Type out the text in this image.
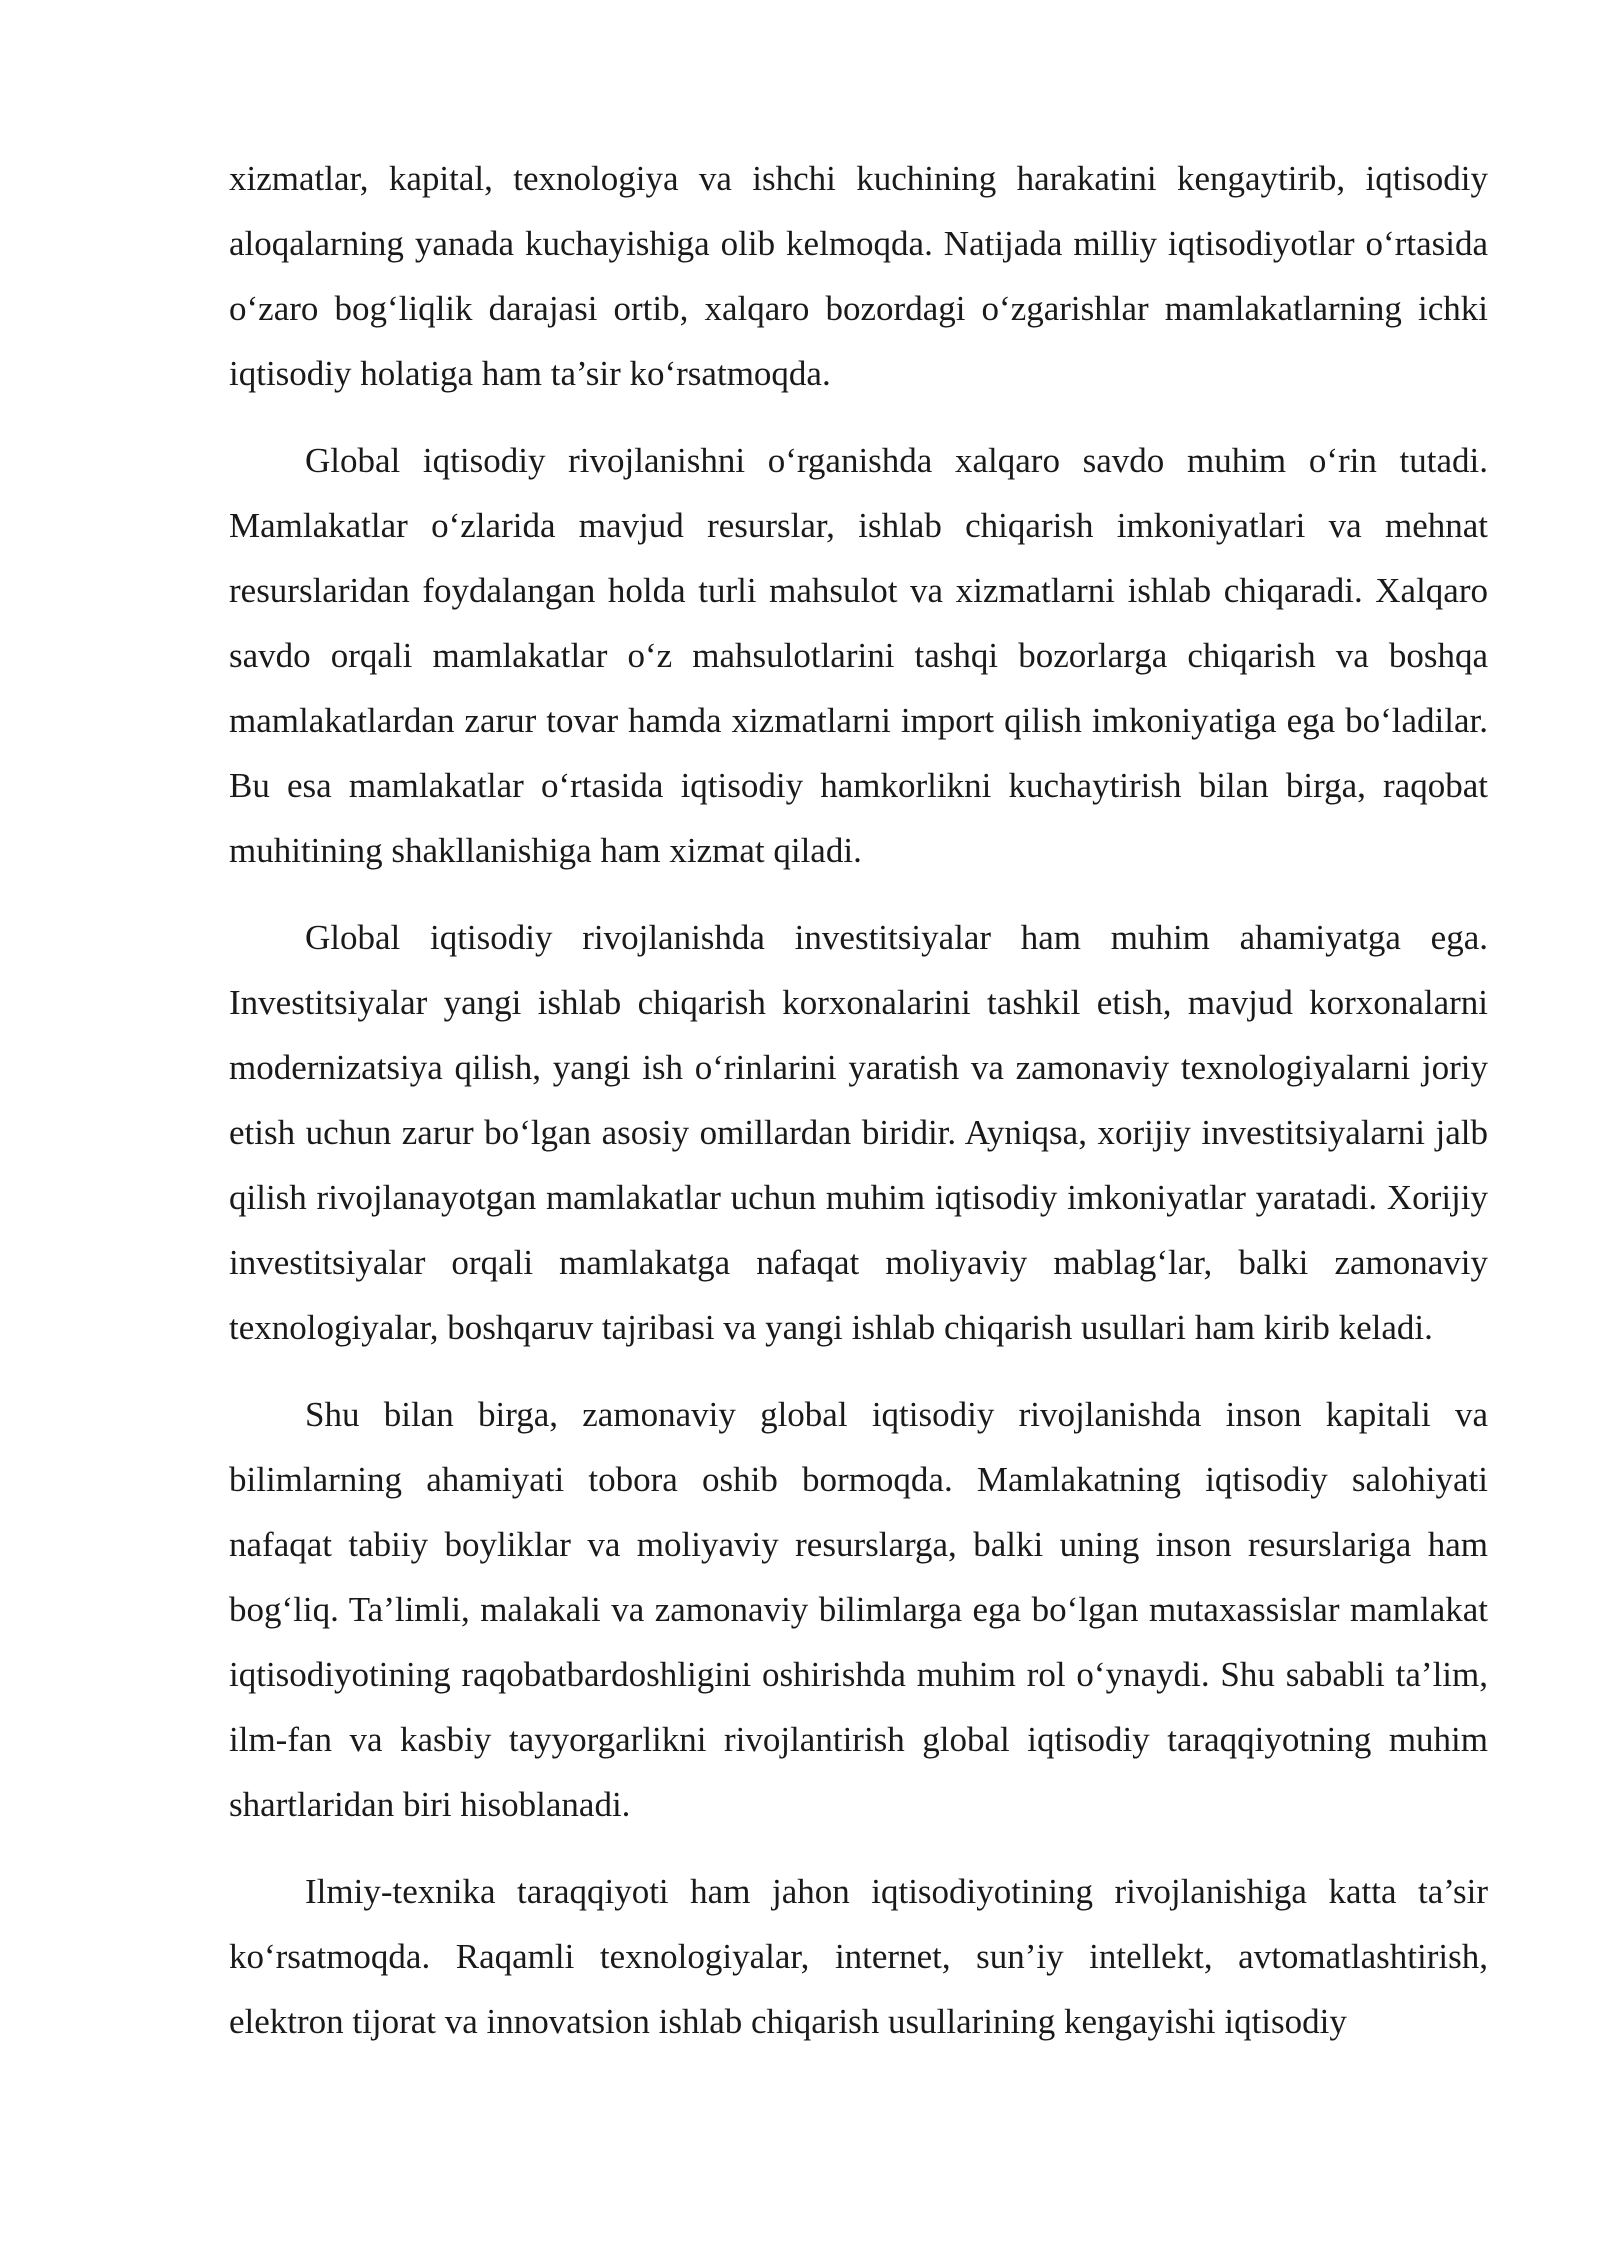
xizmatlar, kapital, texnologiya va ishchi kuchining harakatini kengaytirib, iqtisodiy aloqalarning yanada kuchayishiga olib kelmoqda. Natijada milliy iqtisodiyotlar o‘rtasida o‘zaro bog‘liqlik darajasi ortib, xalqaro bozordagi o‘zgarishlar mamlakatlarning ichki iqtisodiy holatiga ham ta’sir ko‘rsatmoqda.

Global iqtisodiy rivojlanishni o‘rganishda xalqaro savdo muhim o‘rin tutadi. Mamlakatlar o‘zlarida mavjud resurslar, ishlab chiqarish imkoniyatlari va mehnat resurslaridan foydalangan holda turli mahsulot va xizmatlarni ishlab chiqaradi. Xalqaro savdo orqali mamlakatlar o‘z mahsulotlarini tashqi bozorlarga chiqarish va boshqa mamlakatlardan zarur tovar hamda xizmatlarni import qilish imkoniyatiga ega bo‘ladilar. Bu esa mamlakatlar o‘rtasida iqtisodiy hamkorlikni kuchaytirish bilan birga, raqobat muhitining shakllanishiga ham xizmat qiladi.

Global iqtisodiy rivojlanishda investitsiyalar ham muhim ahamiyatga ega. Investitsiyalar yangi ishlab chiqarish korxonalarini tashkil etish, mavjud korxonalarni modernizatsiya qilish, yangi ish o‘rinlarini yaratish va zamonaviy texnologiyalarni joriy etish uchun zarur bo‘lgan asosiy omillardan biridir. Ayniqsa, xorijiy investitsiyalarni jalb qilish rivojlanayotgan mamlakatlar uchun muhim iqtisodiy imkoniyatlar yaratadi. Xorijiy investitsiyalar orqali mamlakatga nafaqat moliyaviy mablag‘lar, balki zamonaviy texnologiyalar, boshqaruv tajribasi va yangi ishlab chiqarish usullari ham kirib keladi.

Shu bilan birga, zamonaviy global iqtisodiy rivojlanishda inson kapitali va bilimlarning ahamiyati tobora oshib bormoqda. Mamlakatning iqtisodiy salohiyati nafaqat tabiiy boyliklar va moliyaviy resurslarga, balki uning inson resurslariga ham bog‘liq. Ta’limli, malakali va zamonaviy bilimlarga ega bo‘lgan mutaxassislar mamlakat iqtisodiyotining raqobatbardoshligini oshirishda muhim rol o‘ynaydi. Shu sababli ta’lim, ilm-fan va kasbiy tayyorgarlikni rivojlantirish global iqtisodiy taraqqiyotning muhim shartlaridan biri hisoblanadi.

Ilmiy-texnika taraqqiyoti ham jahon iqtisodiyotining rivojlanishiga katta ta’sir ko‘rsatmoqda. Raqamli texnologiyalar, internet, sun’iy intellekt, avtomatlashtirish, elektron tijorat va innovatsion ishlab chiqarish usullarining kengayishi iqtisodiy
